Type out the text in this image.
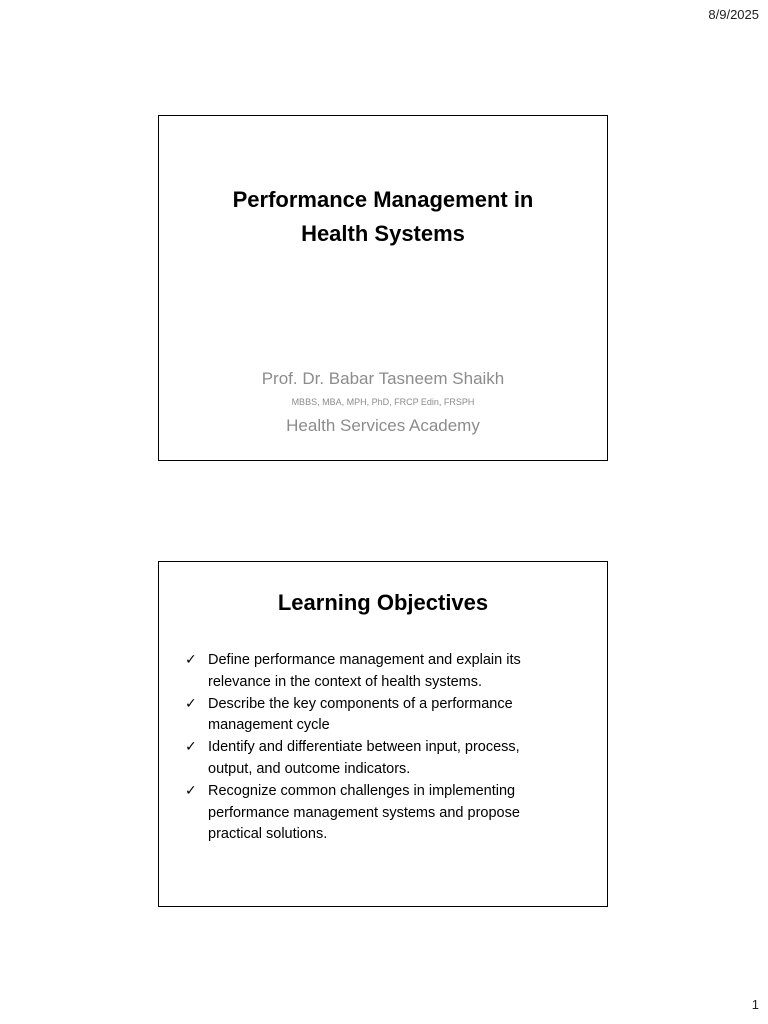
8/9/2025
Performance Management in
Health Systems
Prof. Dr. Babar Tasneem Shaikh
MBBS, MBA, MPH, PhD, FRCP Edin, FRSPH
Health Services Academy
Learning Objectives
✓ Define performance management and explain its relevance in the context of health systems.
✓ Describe the key components of a performance management cycle
✓ Identify and differentiate between input, process, output, and outcome indicators.
✓ Recognize common challenges in implementing performance management systems and propose practical solutions.
1
